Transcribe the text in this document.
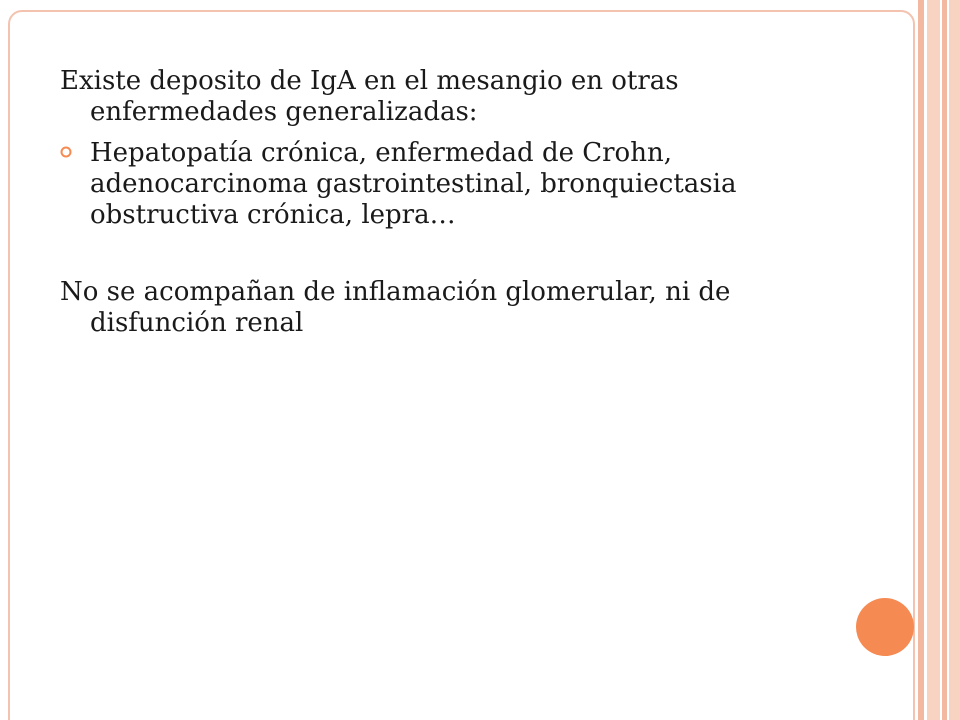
Existe deposito de IgA en el mesangio en otras enfermedades generalizadas:

Hepatopatía crónica, enfermedad de Crohn, adenocarcinoma gastrointestinal, bronquiectasia obstructiva crónica, lepra…

No se acompañan de inflamación glomerular, ni de disfunción renal
